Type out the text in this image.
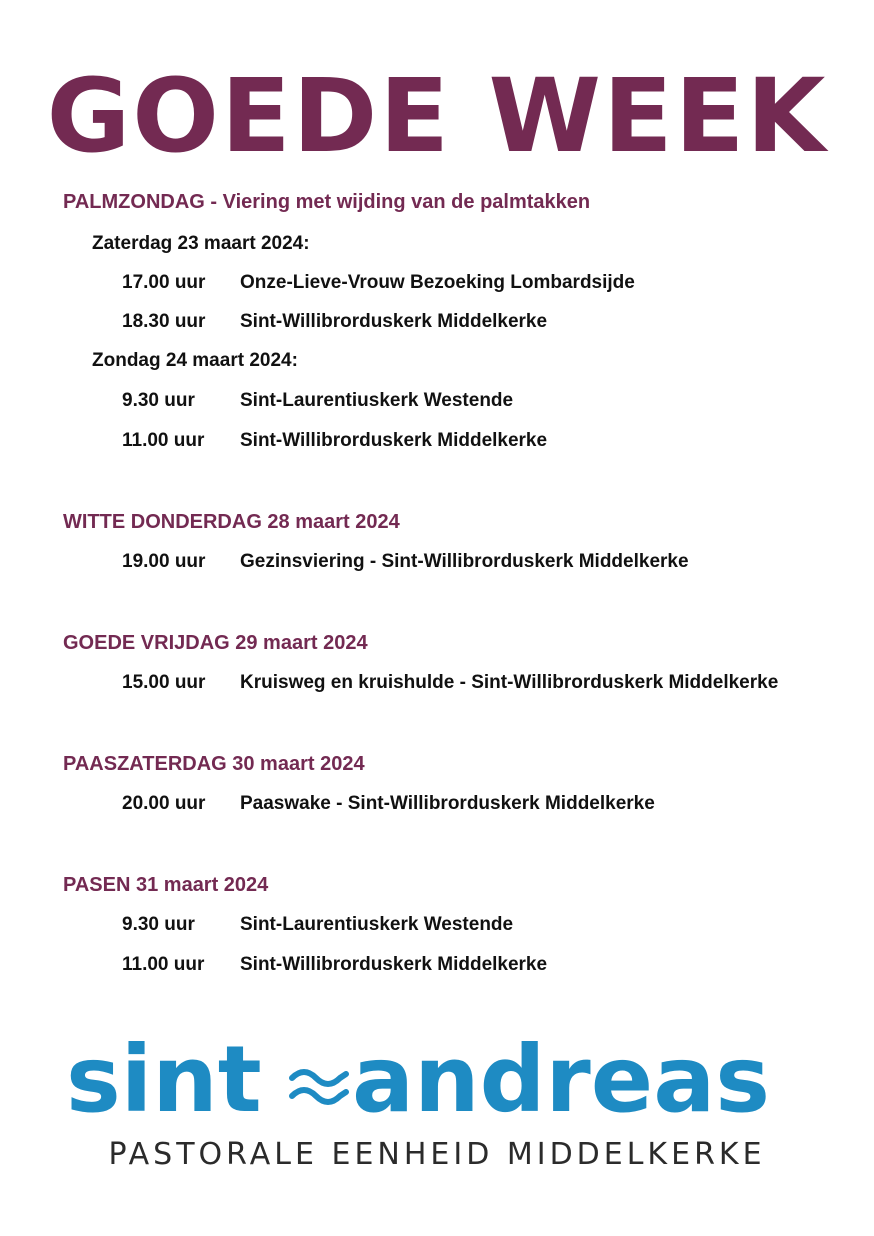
GOEDE WEEK
PALMZONDAG - Viering met wijding van de palmtakken
Zaterdag 23 maart 2024:
17.00 uur Onze-Lieve-Vrouw Bezoeking Lombardsijde
18.30 uur Sint-Willibrorduskerk Middelkerke
Zondag 24 maart 2024:
9.30 uur Sint-Laurentiuskerk Westende
11.00 uur Sint-Willibrorduskerk Middelkerke
WITTE DONDERDAG 28 maart 2024
19.00 uur Gezinsviering - Sint-Willibrorduskerk Middelkerke
GOEDE VRIJDAG 29 maart 2024
15.00 uur Kruisweg en kruishulde - Sint-Willibrorduskerk Middelkerke
PAASZATERDAG 30 maart 2024
20.00 uur Paaswake - Sint-Willibrorduskerk Middelkerke
PASEN 31 maart 2024
9.30 uur Sint-Laurentiuskerk Westende
11.00 uur Sint-Willibrorduskerk Middelkerke
sint andreas
PASTORALE EENHEID MIDDELKERKE
